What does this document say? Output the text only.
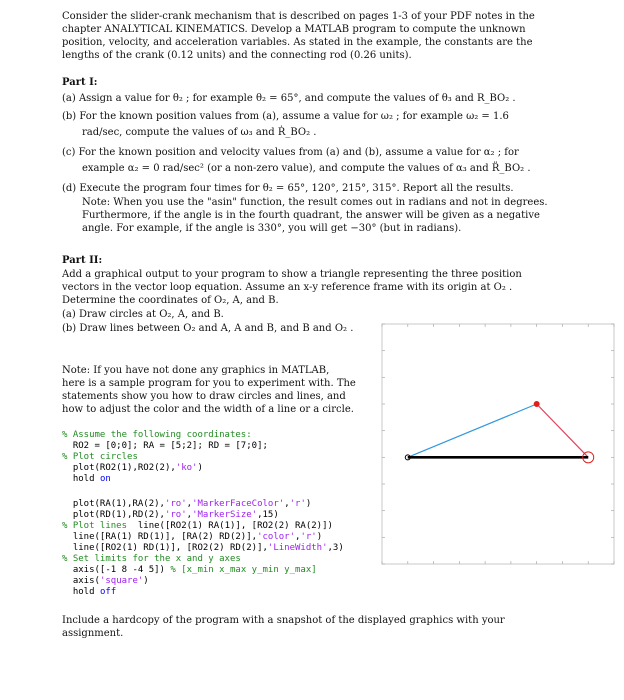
Consider the slider-crank mechanism that is described on pages 1-3 of your PDF notes in the
chapter ANALYTICAL KINEMATICS. Develop a MATLAB program to compute the unknown
position, velocity, and acceleration variables. As stated in the example, the constants are the
lengths of the crank (0.12 units) and the connecting rod (0.26 units).
Part I:
(a) Assign a value for θ₂ ; for example θ₂ = 65°, and compute the values of θ₃ and R_BO₂ .
(b) For the known position values from (a), assume a value for ω₂ ; for example ω₂ = 1.6
rad/sec, compute the values of ω₃ and Ṙ_BO₂ .
(c) For the known position and velocity values from (a) and (b), assume a value for α₂ ; for
example α₂ = 0 rad/sec² (or a non-zero value), and compute the values of α₃ and R̈_BO₂ .
(d) Execute the program four times for θ₂ = 65°, 120°, 215°, 315°. Report all the results.
Note: When you use the "asin" function, the result comes out in radians and not in degrees.
Furthermore, if the angle is in the fourth quadrant, the answer will be given as a negative
angle. For example, if the angle is 330°, you will get −30° (but in radians).
Part II:
Add a graphical output to your program to show a triangle representing the three position
vectors in the vector loop equation. Assume an x-y reference frame with its origin at O₂ .
Determine the coordinates of O₂, A, and B.
(a) Draw circles at O₂, A, and B.
(b) Draw lines between O₂ and A, A and B, and B and O₂ .
Note: If you have not done any graphics in MATLAB,
here is a sample program for you to experiment with. The
statements show you how to draw circles and lines, and
how to adjust the color and the width of a line or a circle.
% Assume the following coordinates:
RO2 = [0;0]; RA = [5;2]; RD = [7;0];
% Plot circles
plot(RO2(1),RO2(2),'ko')
hold on
plot(RA(1),RA(2),'ro','MarkerFaceColor','r')
plot(RD(1),RD(2),'ro','MarkerSize',15)
% Plot lines  line([RO2(1) RA(1)], [RO2(2) RA(2)])
line([RA(1) RD(1)], [RA(2) RD(2)],'color','r')
line([RO2(1) RD(1)], [RO2(2) RD(2)],'LineWidth',3)
% Set limits for the x and y axes
axis([-1 8 -4 5]) % [x_min x_max y_min y_max]
axis('square')
hold off
Include a hardcopy of the program with a snapshot of the displayed graphics with your
assignment.
